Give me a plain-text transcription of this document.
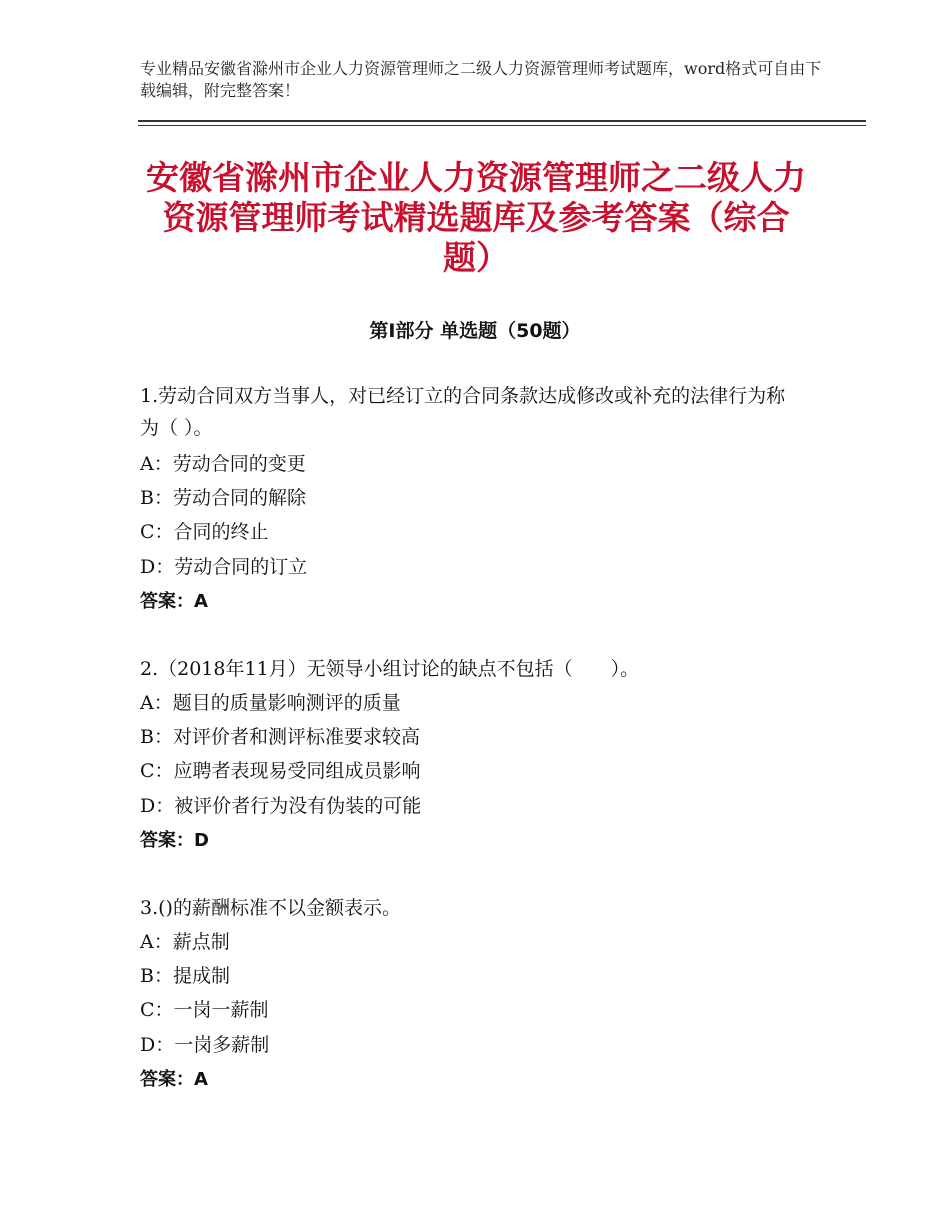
专业精品安徽省滁州市企业人力资源管理师之二级人力资源管理师考试题库，word格式可自由下载编辑，附完整答案！
安徽省滁州市企业人力资源管理师之二级人力资源管理师考试精选题库及参考答案（综合题）
第Ⅰ部分 单选题（50题）
1.劳动合同双方当事人，对已经订立的合同条款达成修改或补充的法律行为称为（ ）。
A：劳动合同的变更
B：劳动合同的解除
C：合同的终止
D：劳动合同的订立
答案：A
2.（2018年11月）无领导小组讨论的缺点不包括（　　）。
A：题目的质量影响测评的质量
B：对评价者和测评标准要求较高
C：应聘者表现易受同组成员影响
D：被评价者行为没有伪装的可能
答案：D
3.()的薪酬标准不以金额表示。
A：薪点制
B：提成制
C：一岗一薪制
D：一岗多薪制
答案：A
